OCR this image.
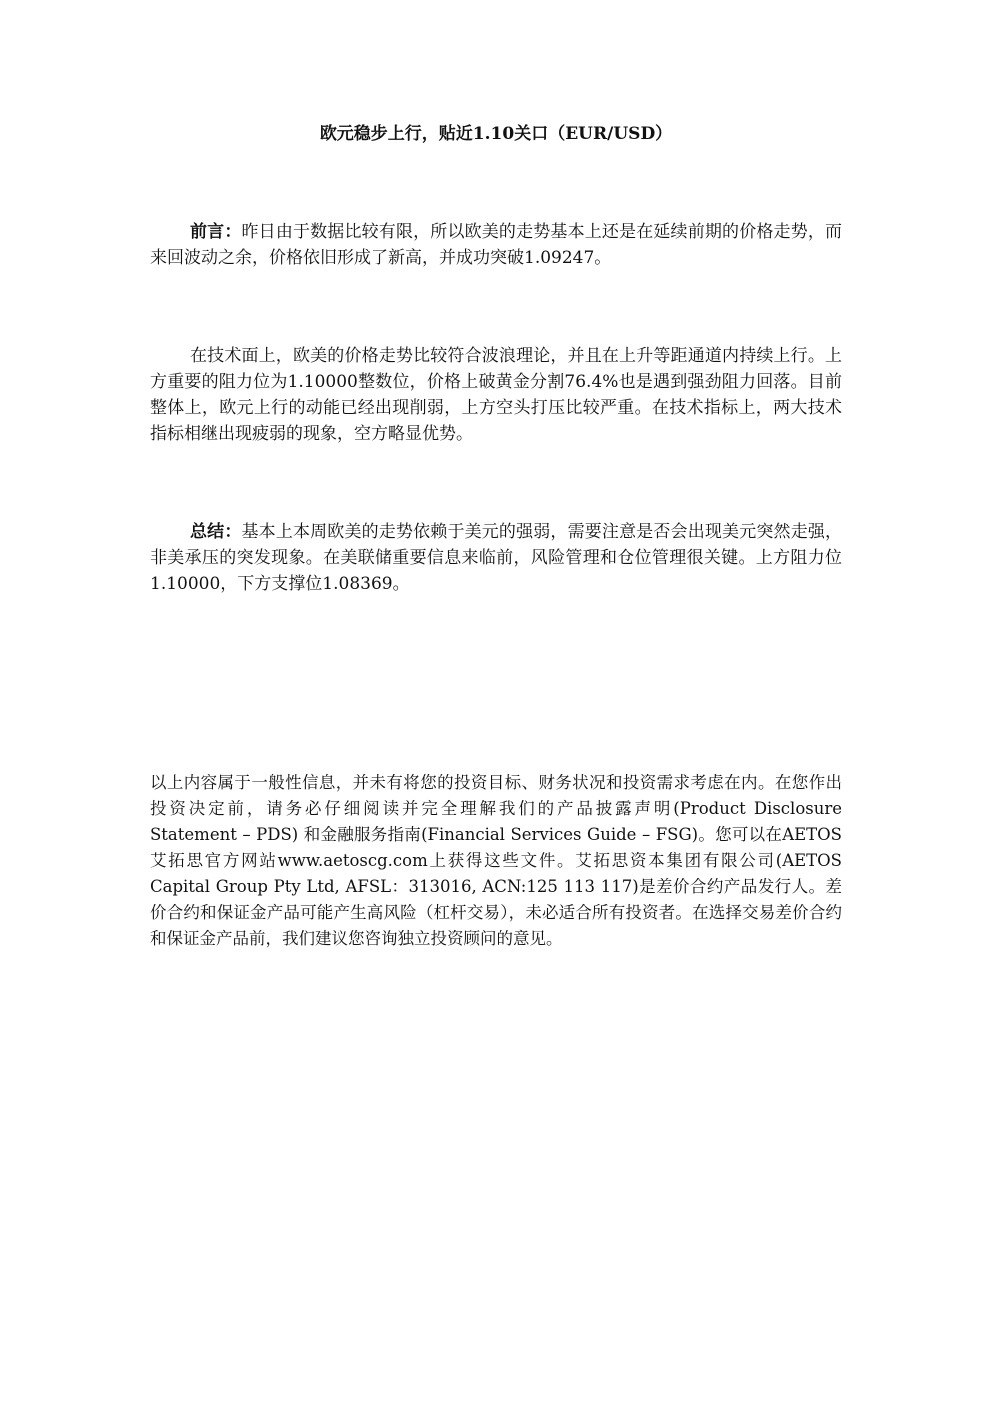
欧元稳步上行，贴近1.10关口（EUR/USD）

前言：昨日由于数据比较有限，所以欧美的走势基本上还是在延续前期的价格走势，而来回波动之余，价格依旧形成了新高，并成功突破1.09247。

在技术面上，欧美的价格走势比较符合波浪理论，并且在上升等距通道内持续上行。上方重要的阻力位为1.10000整数位，价格上破黄金分割76.4%也是遇到强劲阻力回落。目前整体上，欧元上行的动能已经出现削弱，上方空头打压比较严重。在技术指标上，两大技术指标相继出现疲弱的现象，空方略显优势。

总结：基本上本周欧美的走势依赖于美元的强弱，需要注意是否会出现美元突然走强，非美承压的突发现象。在美联储重要信息来临前，风险管理和仓位管理很关键。上方阻力位1.10000，下方支撑位1.08369。

以上内容属于一般性信息，并未有将您的投资目标、财务状况和投资需求考虑在内。在您作出投资决定前，请务必仔细阅读并完全理解我们的产品披露声明(Product Disclosure Statement – PDS) 和金融服务指南(Financial Services Guide – FSG)。您可以在AETOS艾拓思官方网站www.aetoscg.com上获得这些文件。艾拓思资本集团有限公司(AETOS Capital Group Pty Ltd, AFSL：313016, ACN:125 113 117)是差价合约产品发行人。差价合约和保证金产品可能产生高风险（杠杆交易），未必适合所有投资者。在选择交易差价合约和保证金产品前，我们建议您咨询独立投资顾问的意见。
